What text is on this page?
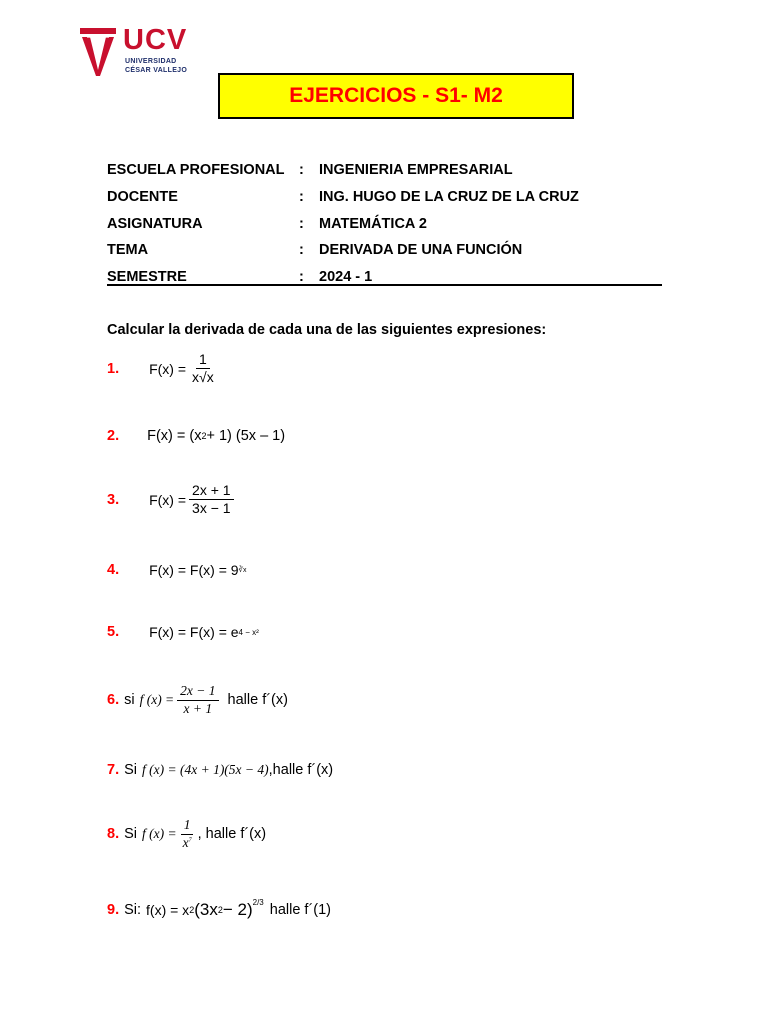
UCV
UNIVERSIDAD
CÉSAR VALLEJO
EJERCICIOS - S1- M2
ESCUELA PROFESIONAL :	INGENIERIA EMPRESARIAL
DOCENTE	:	ING. HUGO DE LA CRUZ DE LA CRUZ
ASIGNATURA	:	MATEMÁTICA 2
TEMA	:	DERIVADA DE UNA FUNCIÓN
SEMESTRE	:	2024 - 1
Calcular la derivada de cada una de las siguientes expresiones:
1. $F(x) = \frac{1}{x√x}$
2. F(x) = (x 2 + 1) (5x – 1)
3. $F(x) = \frac{2x + 1}{3x - 1}$
4. F(x) = F(x) = 9 ∛x
5. F(x) = F(x) = e 4 − x²
6. si f $(x) = \frac{2x - 1}{x + 1}$ halle f´(x)
7. Si f (x) = (4x + 1)(5x − 4) ,halle f´(x)
8. Si f $(x) = \frac{1}{x^7}$ , halle f´(x)
9. Si: f(x) = x 2 (3x 2 − 2)$^{2/3}$ halle f´(1)
